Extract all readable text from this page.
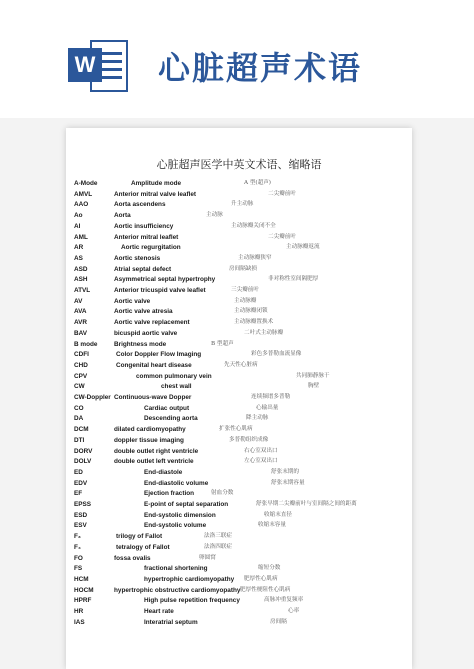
W 心脏超声术语
心脏超声医学中英文术语、缩略语
A-Mode	Amplitude mode	A 型(超声)
AMVL	Anterior mitral valve leaflet	二尖瓣前叶
AAO	Aorta ascendens	升主动脉
Ao	Aorta	主动脉
AI	Aortic insufficiency	主动脉瓣关闭不全
AML	Anterior mitral leaflet	二尖瓣前叶
AR	Aortic regurgitation	主动脉瓣返流
AS	Aortic stenosis	主动脉瓣狭窄
ASD	Atrial septal defect	房间隔缺损
ASH	Asymmetrical septal hypertrophy	非对称性室间隔肥厚
ATVL	Anterior tricuspid valve leaflet	三尖瓣前叶
AV	Aortic valve	主动脉瓣
AVA	Aortic valve atresia	主动脉瓣闭锁
AVR	Aortic valve replacement	主动脉瓣置换术
BAV	bicuspid aortic valve	二叶式主动脉瓣
B mode	Brightness mode	B 型超声
CDFI	Color Doppler Flow Imaging	彩色多普勒血流显像
CHD	Congenital heart disease	先天性心脏病
CPV	common pulmonary vein	共同肺静脉干
CW	chest wall	胸壁
CW-Doppler Continuous-wave Dopper	连续频谱多普勒
CO	Cardiac output	心输出量
DA	Descending aorta	降主动脉
DCM	dilated cardiomyopathy	扩张性心肌病
DTI	doppler tissue imaging	多普勒组织成像
DORV	double outlet right ventricle	右心室双出口
DOLV	double outlet left ventricle	左心室双出口
ED	End-diastole	舒张末期的
EDV	End-diastolic volume	舒张末期容量
EF	Ejection fraction	射血分数
EPSS	E-point of septal separation	舒张早期二尖瓣前叶与室间隔之间的距离
ESD	End-systolic dimension	收缩末直径
ESV	End-systolic volume	收缩末容量
F₃	trilogy of Fallot	法洛三联症
F₄	tetralogy of Fallot	法洛四联症
FO	fossa ovalis	卵圆窝
FS	fractional shortening	缩短分数
HCM	hypertrophic cardiomyopathy 肥厚性心肌病
HOCM	hypertrophic obstructive cardiomyopathy 肥厚性梗阻性心肌病
HPRF	High pulse repetition frequency	高脉冲重复频率
HR	Heart rate	心率
IAS	Interatrial septum	房间隔
